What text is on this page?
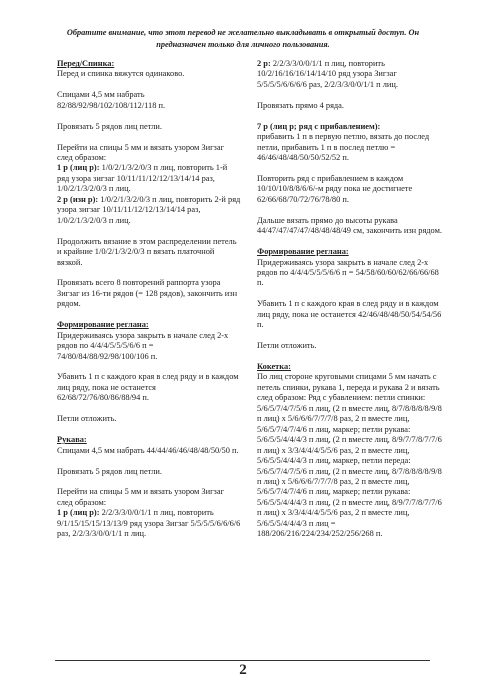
Обратите внимание, что этот перевод не желательно выкладывать в открытый доступ. Он
предназначен только для личного пользования.
Перед/Спинка:

Перед и спинка вяжутся одинаково.

Спицами 4,5 мм набрать 82/88/92/98/102/108/112/118 п.

Провязать 5 рядов лиц петли.

Перейти на спицы 5 мм и вязать узором Зигзаг след образом:
1 р (лиц р): 1/0/2/1/3/2/0/3 п лиц, повторить 1-й ряд узора зигзаг 10/11/11/12/12/13/14/14 раз, 1/0/2/1/3/2/0/3 п лиц.

2 р (изн р): 1/0/2/1/3/2/0/3 п лиц, повторить 2-й ряд узора зигзаг 10/11/11/12/12/13/14/14 раз, 1/0/2/1/3/2/0/3 п лиц.

Продолжить вязание в этом распределении петель и крайние 1/0/2/1/3/2/0/3 п вязать платочной вязкой.

Провязать всего 8 повторений раппорта узора Зигзаг из 16-ти рядов (= 128 рядов), закончить изн рядом.

Формирование реглана:

Придерживаясь узора закрыть в начале след 2-х рядов по 4/4/4/5/5/5/6/6 п = 74/80/84/88/92/98/100/106 п.

Убавить 1 п с каждого края в след ряду и в каждом лиц ряду, пока не останется 62/68/72/76/80/86/88/94 п.

Петли отложить.

Рукава:

Спицами 4,5 мм набрать 44/44/46/46/48/48/50/50 п.

Провязать 5 рядов лиц петли.

Перейти на спицы 5 мм и вязать узором Зигзаг след образом:
1 р (лиц р): 2/2/3/3/0/0/1/1 п лиц, повторить 9/1/15/15/15/13/13/9 ряд узора Зигзаг 5/5/5/5/6/6/6/6 раз, 2/2/3/3/0/0/1/1 п лиц.

2 р: 2/2/3/3/0/0/1/1 п лиц, повторить 10/2/16/16/16/14/14/10 ряд узора Зигзаг 5/5/5/5/6/6/6/6 раз, 2/2/3/3/0/0/1/1 п лиц.

Провязать прямо 4 ряда.

7 р (лиц р; ряд с прибавлением):

прибавить 1 п в первую петлю, вязать до послед петли, прибавить 1 п в послед петлю = 46/46/48/48/50/50/52/52 п.

Повторить ряд с прибавлением в каждом 10/10/10/8/8/6/6/-м ряду пока не достигнете 62/66/68/70/72/76/78/80 п.

Дальше вязать прямо до высоты рукава 44/47/47/47/47/48/48/48/49 см, закончить изн рядом.

Формирование реглана:

Придерживаясь узора закрыть в начале след 2-х рядов по 4/4/4/5/5/5/6/6 п = 54/58/60/60/62/66/66/68 п.

Убавить 1 п с каждого края в след ряду и в каждом лиц ряду, пока не останется 42/46/48/48/50/54/54/56 п.

Петли отложить.

Кокетка:
По лиц стороне круговыми спицами 5 мм начать с петель спинки, рукава 1, переда и рукава 2 и вязать след образом: Ряд с убавлением: петли спинки: 5/6/5/7/4/7/5/6 п лиц, (2 п вместе лиц, 8/7/8/8/8/8/9/8 п лиц) х 5/6/6/6/7/7/7/8 раз, 2 п вместе лиц, 5/6/5/7/4/7/4/6 п лиц, маркер; петли рукава: 5/6/5/5/4/4/4/3 п лиц, (2 п вместе лиц, 8/9/7/7/8/7/7/6 п лиц) х 3/3/4/4/4/5/5/6 раз, 2 п вместе лиц, 5/6/5/5/4/4/4/3 п лиц, маркер, петли переда: 5/6/5/7/4/7/5/6 п лиц, (2 п вместе лиц, 8/7/8/8/8/8/9/8 п лиц) х 5/6/6/6/7/7/7/8 раз, 2 п вместе лиц, 5/6/5/7/4/7/4/6 п лиц, маркер; петли рукава: 5/6/5/5/4/4/4/3 п лиц, (2 п вместе лиц, 8/9/7/7/8/7/7/6 п лиц) х 3/3/4/4/4/5/5/6 раз, 2 п вместе лиц, 5/6/5/5/4/4/4/3 п лиц = 188/206/216/224/234/252/256/268 п.
2
